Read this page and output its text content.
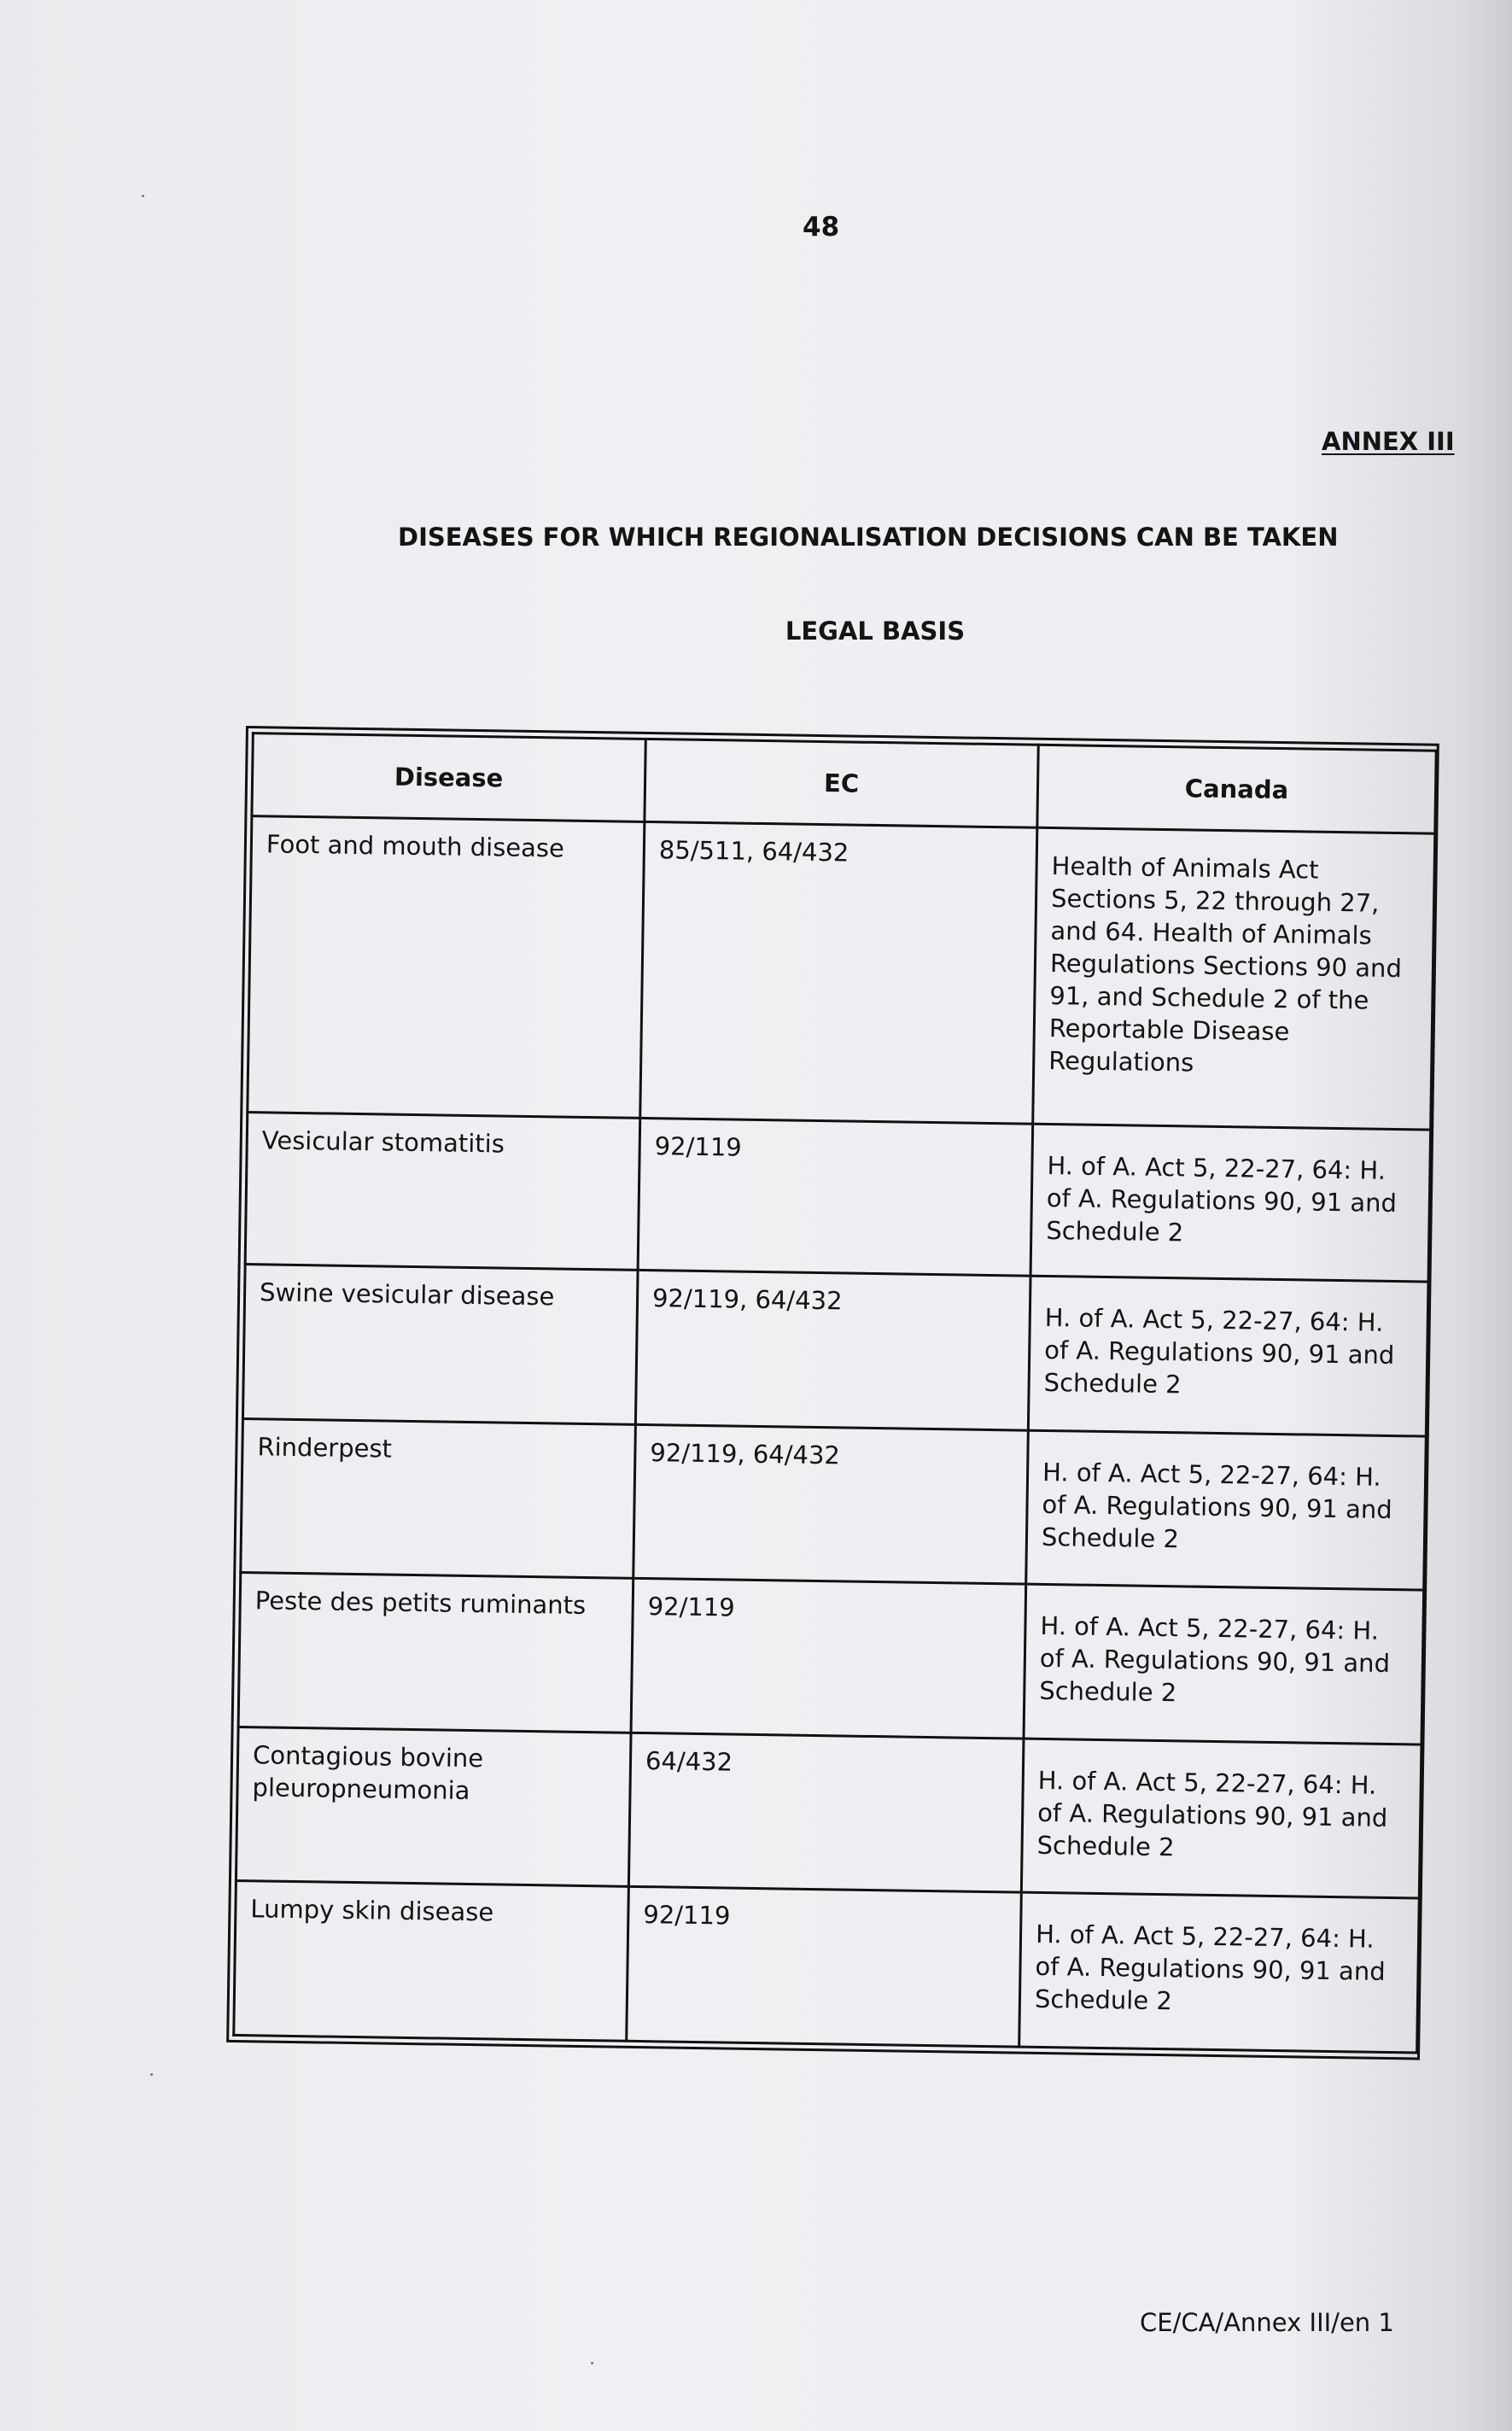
48
ANNEX III
DISEASES FOR WHICH REGIONALISATION DECISIONS CAN BE TAKEN
LEGAL BASIS
Disease	EC	Canada
Foot and mouth disease	85/511, 64/432	Health of Animals Act Sections 5, 22 through 27, and 64. Health of Animals Regulations Sections 90 and 91, and Schedule 2 of the Reportable Disease Regulations
Vesicular stomatitis	92/119	H. of A. Act 5, 22-27, 64: H. of A. Regulations 90, 91 and Schedule 2
Swine vesicular disease	92/119, 64/432	H. of A. Act 5, 22-27, 64: H. of A. Regulations 90, 91 and Schedule 2
Rinderpest	92/119, 64/432	H. of A. Act 5, 22-27, 64: H. of A. Regulations 90, 91 and Schedule 2
Peste des petits ruminants	92/119	H. of A. Act 5, 22-27, 64: H. of A. Regulations 90, 91 and Schedule 2
Contagious bovine pleuropneumonia	64/432	H. of A. Act 5, 22-27, 64: H. of A. Regulations 90, 91 and Schedule 2
Lumpy skin disease	92/119	H. of A. Act 5, 22-27, 64: H. of A. Regulations 90, 91 and Schedule 2
CE/CA/Annex III/en 1
